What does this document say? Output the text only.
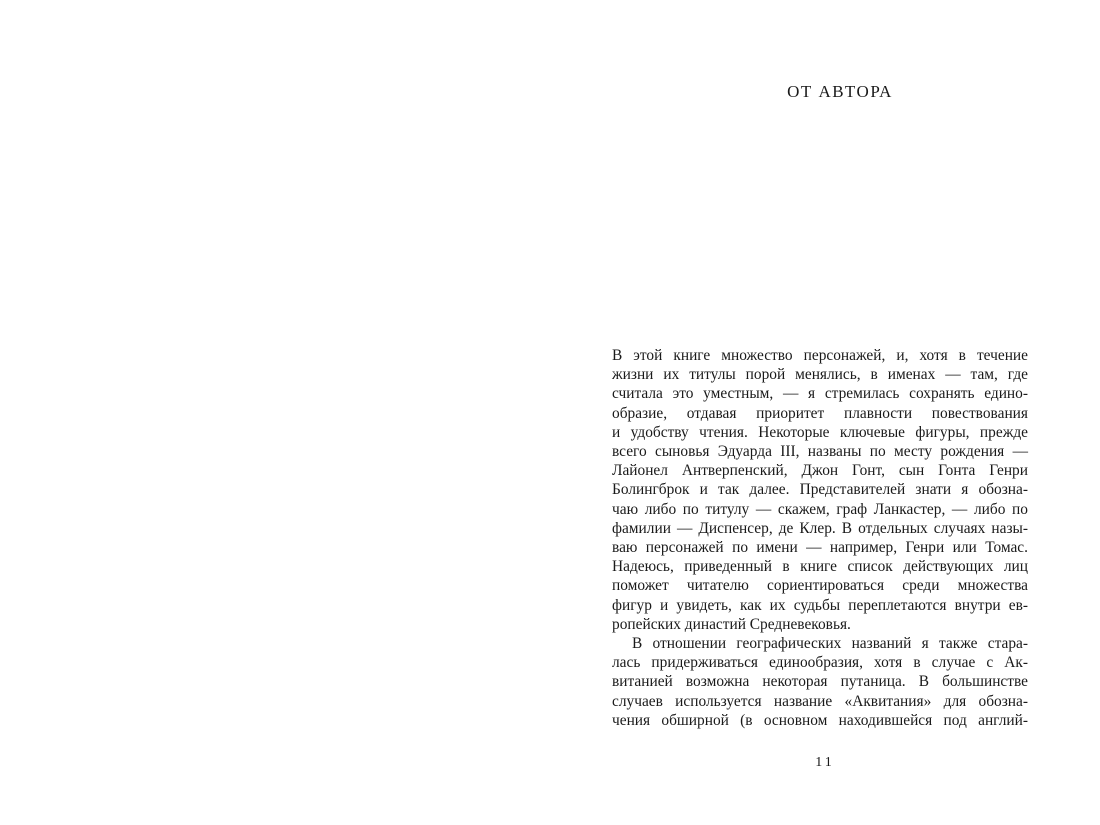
ОТ АВТОРА

В этой книге множество персонажей, и, хотя в течение
жизни их титулы порой менялись, в именах — там, где
считала это уместным, — я стремилась сохранять едино-
образие, отдавая приоритет плавности повествования
и удобству чтения. Некоторые ключевые фигуры, прежде
всего сыновья Эдуарда III, названы по месту рождения —
Лайонел Антверпенский, Джон Гонт, сын Гонта Генри
Болингброк и так далее. Представителей знати я обозна-
чаю либо по титулу — скажем, граф Ланкастер, — либо по
фамилии — Диспенсер, де Клер. В отдельных случаях назы-
ваю персонажей по имени — например, Генри или Томас.
Надеюсь, приведенный в книге список действующих лиц
поможет читателю сориентироваться среди множества
фигур и увидеть, как их судьбы переплетаются внутри ев-
ропейских династий Средневековья.

В отношении географических названий я также стара-
лась придерживаться единообразия, хотя в случае с Ак-
витанией возможна некоторая путаница. В большинстве
случаев используется название «Аквитания» для обозна-
чения обширной (в основном находившейся под англий-

11
